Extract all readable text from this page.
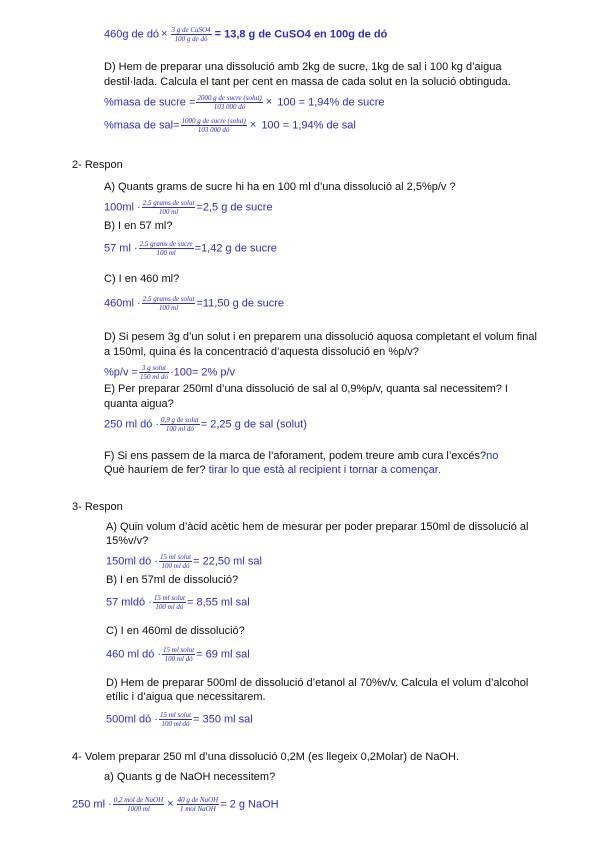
460g de dó × $\frac{\text{3 g de CuSO4}}{\text{100 g de dó}} = 13,8$ g de CuSO4 en 100g de dó
D) Hem de preparar una dissolució amb 2kg de sucre, 1kg de sal i 100 kg d’aigua
destil·lada. Calcula el tant per cent en massa de cada solut en la solució obtinguda.
%masa de sucre = $\frac{\text{2000 g de sucre (solut)}}{103 000 dó} \times 100 = 1,94\%$ de sucre
%masa de $sal= \frac{\text{1000 g de sucre (solut)}}{103 000 dó} \times 100 = 1,94\%$ de sal
2- Respon
A) Quants grams de sucre hi ha en 100 ml d’una dissolució al 2,5%p/v ?
$100ml \cdot \frac{\text{2,5 grams de solut}}{100 ml} =2,5$ g de sucre
B) I en 57 ml?
57 ml · $\frac{\text{2,5 grams de sucre}}{100 ml} =1,42$ g de sucre
C) I en 460 ml?
$460ml \cdot \frac{\text{2,5 grams de solut}}{100 ml} =11,50$ g de sucre
D) Si pesem 3g d’un solut i en preparem una dissolució aquosa completant el volum final
a 150ml, quina és la concentració d’aquesta dissolució en %p/v?
$\%p/v = \frac{\text{3 g solut}}{\text{150 ml dó}} \cdot 100= 2\%$ p/v
E) Per preparar 250ml d’una dissolució de sal al 0,9%p/v, quanta sal necessitem? I
quanta aigua?
250 ml dó · $\frac{\text{0,9 g de solut}}{\text{100 ml dó}} = 2,25$ g de sal (solut)
F) Si ens passem de la marca de l’aforament, podem treure amb cura l’excés?no
Què hauríem de fer? tirar lo que està al recipient i tornar a començar.
3- Respon
A) Quin volum d’àcid acètic hem de mesurar per poder preparar 150ml de dissolució al
15%v/v?
150ml dó · $\frac{\text{15 ml solut}}{\text{100 ml dó}} = 22,50$ ml sal
B) I en 57ml de dissolució?
57 mldó · $\frac{\text{15 ml solut}}{\text{100 ml dó}} = 8,55$ ml sal
C) I en 460ml de dissolució?
460 ml dó · $\frac{\text{15 ml solut}}{\text{100 ml dó}} = 69$ ml sal
D) Hem de preparar 500ml de dissolució d’etanol al 70%v/v. Calcula el volum d’alcohol
etílic i d’aigua que necessitarem.
500ml dó · $\frac{\text{15 ml solut}}{\text{100 ml dó}} = 350$ ml sal
4- Volem preparar 250 ml d’una dissolució 0,2M (es llegeix 0,2Molar) de NaOH.
a) Quants g de NaOH necessitem?
250 ml · $\frac{\text{0,2 mol de NaOH}}{1000 ml} \times \frac{\text{40 g de NaOH}}{\text{1 mol NaOH}} = 2$ g NaOH
